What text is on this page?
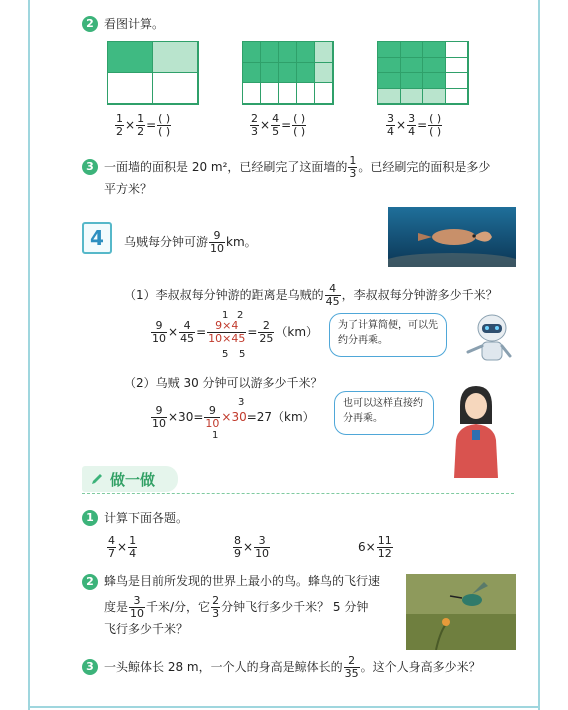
2 看图计算。
$\frac{1}{2} \times \frac{1}{2} = \frac{( )}{( )}$	$\frac{2}{3} \times \frac{4}{5} = \frac{( )}{( )}$	$\frac{3}{4} \times \frac{3}{4} = \frac{( )}{( )}$
3 一面墙的面积是 20 m²，已经刷完了这面墙的 $\frac{1}{3}$ 。已经刷完的面积是多少
平方米？
4	乌贼每分钟可游 $\frac{9}{10}$ km。
（1）李叔叔每分钟游的距离是乌贼的 $\frac{4}{45}$ ，李叔叔每分钟游多少千米？
$\frac{9}{10} \times \frac{4}{45} = \frac{9\times 4}{10\times 45} = \frac{2}{25} (km)$
1 2
5 5
为了计算简便，可以先约分再乘。
（2）乌贼 30 分钟可以游多少千米？
$\frac{9}{10} \times 30= \frac{9}{10} \times 30=27(km)$
3
1
也可以这样直接约分再乘。
做一做
1 计算下面各题。
$\frac{4}{7} \times \frac{1}{4}$	$\frac{8}{9} \times \frac{3}{10}$	$6\times \frac{11}{12}$
2 蜂鸟是目前所发现的世界上最小的鸟。蜂鸟的飞行速
度是 $\frac{3}{10}$ 千米/分，它 $\frac{2}{3}$ 分钟飞行多少千米？ 5 分钟
飞行多少千米？
3 一头鲸体长 28 m，一个人的身高是鲸体长的 $\frac{2}{35}$ 。这个人身高多少米？
